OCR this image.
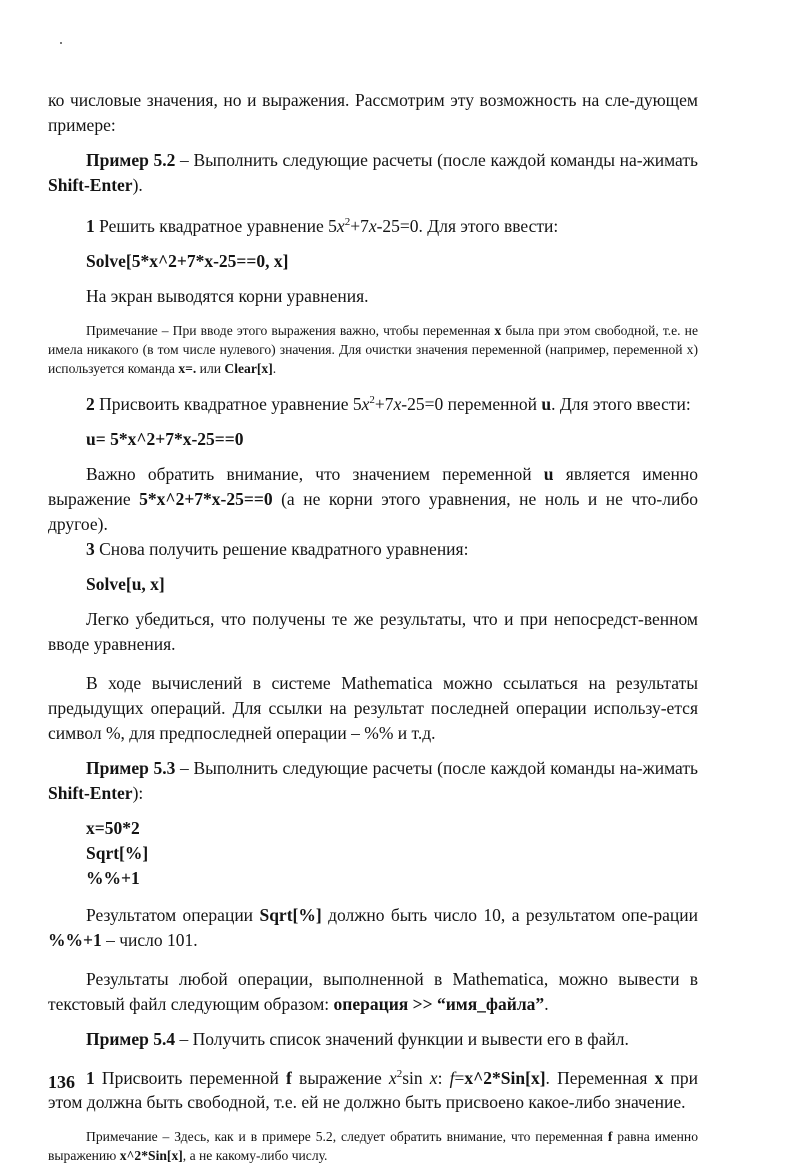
ко числовые значения, но и выражения. Рассмотрим эту возможность на сле-дующем примере:

Пример 5.2 – Выполнить следующие расчеты (после каждой команды на-жимать Shift-Enter).

1 Решить квадратное уравнение $5x^2+7x-25=0$. Для этого ввести:

Solve[5*x^2+7*x-25==0, x]

На экран выводятся корни уравнения.

Примечание – При вводе этого выражения важно, чтобы переменная x была при этом свободной, т.е. не имела никакого (в том числе нулевого) значения. Для очистки значения переменной (например, переменной x) используется команда x=. или Clear[x].

2 Присвоить квадратное уравнение $5x^2+7x-25=0$ переменной u. Для этого ввести:

u= 5*x^2+7*x-25==0

Важно обратить внимание, что значением переменной u является именно выражение 5*x^2+7*x-25==0 (а не корни этого уравнения, не ноль и не что-либо другое).

3 Снова получить решение квадратного уравнения:

Solve[u, x]

Легко убедиться, что получены те же результаты, что и при непосредст-венном вводе уравнения.

В ходе вычислений в системе Mathematica можно ссылаться на результаты предыдущих операций. Для ссылки на результат последней операции использу-ется символ %, для предпоследней операции – %% и т.д.

Пример 5.3 – Выполнить следующие расчеты (после каждой команды на-жимать Shift-Enter):

x=50*2
Sqrt[%]
%%+1

Результатом операции Sqrt[%] должно быть число 10, а результатом опе-рации %%+1 – число 101.

Результаты любой операции, выполненной в Mathematica, можно вывести в текстовый файл следующим образом: операция >> “имя_файла”.

Пример 5.4 – Получить список значений функции и вывести его в файл.

1 Присвоить переменной f выражение $x^2\sin$ x: f=x^2*Sin[x]. Переменная x при этом должна быть свободной, т.е. ей не должно быть присвоено какое-либо значение.

Примечание – Здесь, как и в примере 5.2, следует обратить внимание, что переменная f равна именно выражению x^2*Sin[x], а не какому-либо числу.

136
